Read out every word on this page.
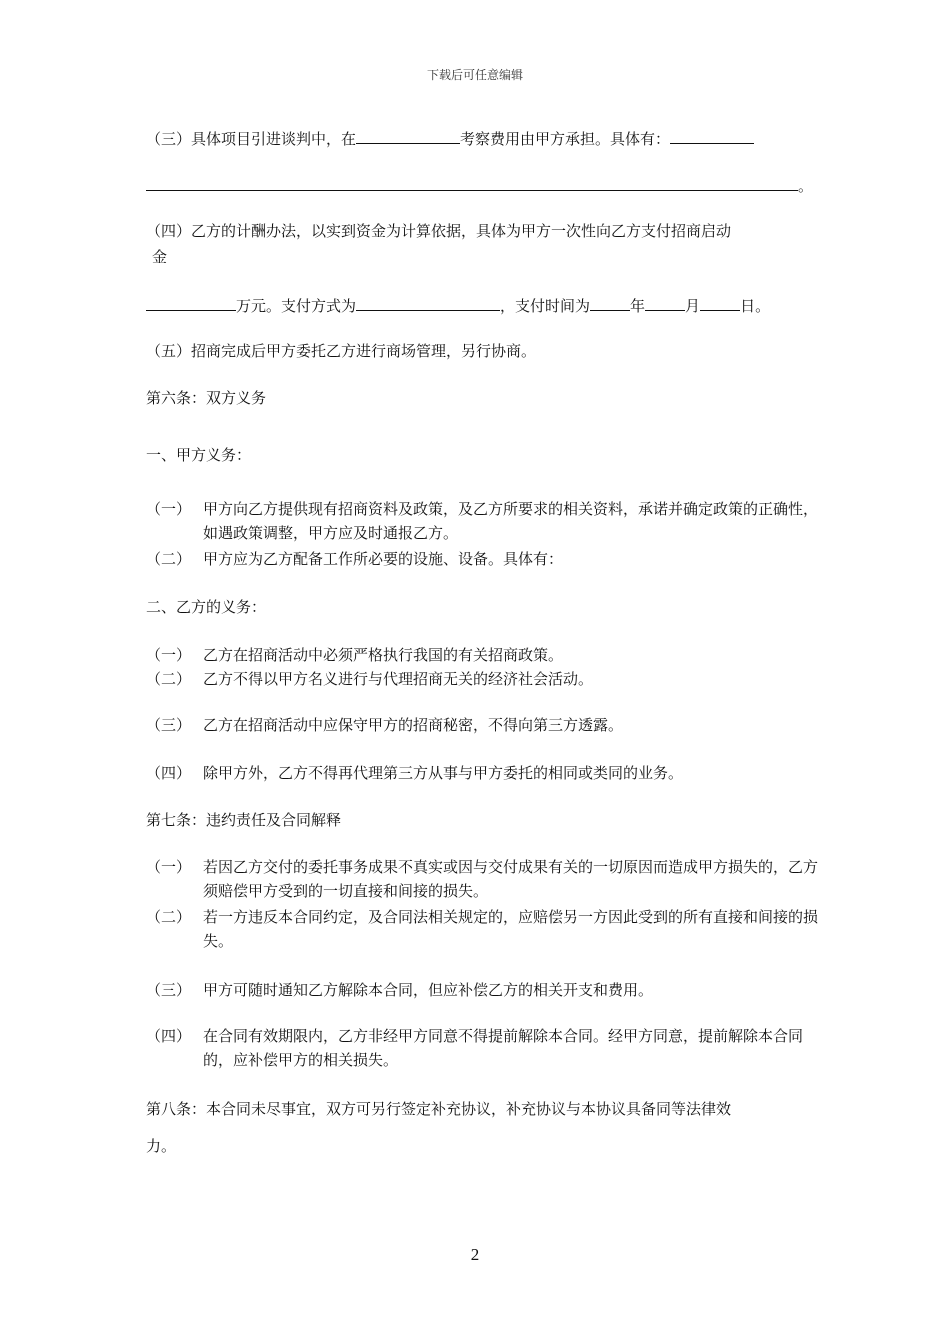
下载后可任意编辑
（三）具体项目引进谈判中，在	考察费用由甲方承担。具体有：
。
（四）乙方的计酬办法，以实到资金为计算依据，具体为甲方一次性向乙方支付招商启动
金
万元。支付方式为	，支付时间为	年	月	日。
（五）招商完成后甲方委托乙方进行商场管理，另行协商。
第六条：双方义务
一、甲方义务：
（一） 甲方向乙方提供现有招商资料及政策，及乙方所要求的相关资料，承诺并确定政策的正确性，如遇政策调整，甲方应及时通报乙方。
（二） 甲方应为乙方配备工作所必要的设施、设备。具体有：
二、乙方的义务：
（一） 乙方在招商活动中必须严格执行我国的有关招商政策。
（二） 乙方不得以甲方名义进行与代理招商无关的经济社会活动。
（三） 乙方在招商活动中应保守甲方的招商秘密，不得向第三方透露。
（四） 除甲方外，乙方不得再代理第三方从事与甲方委托的相同或类同的业务。
第七条：违约责任及合同解释
（一） 若因乙方交付的委托事务成果不真实或因与交付成果有关的一切原因而造成甲方损失的，乙方须赔偿甲方受到的一切直接和间接的损失。
（二） 若一方违反本合同约定，及合同法相关规定的，应赔偿另一方因此受到的所有直接和间接的损失。
（三） 甲方可随时通知乙方解除本合同，但应补偿乙方的相关开支和费用。
（四） 在合同有效期限内，乙方非经甲方同意不得提前解除本合同。经甲方同意，提前解除本合同的，应补偿甲方的相关损失。
第八条：本合同未尽事宜，双方可另行签定补充协议，补充协议与本协议具备同等法律效
力。
2
